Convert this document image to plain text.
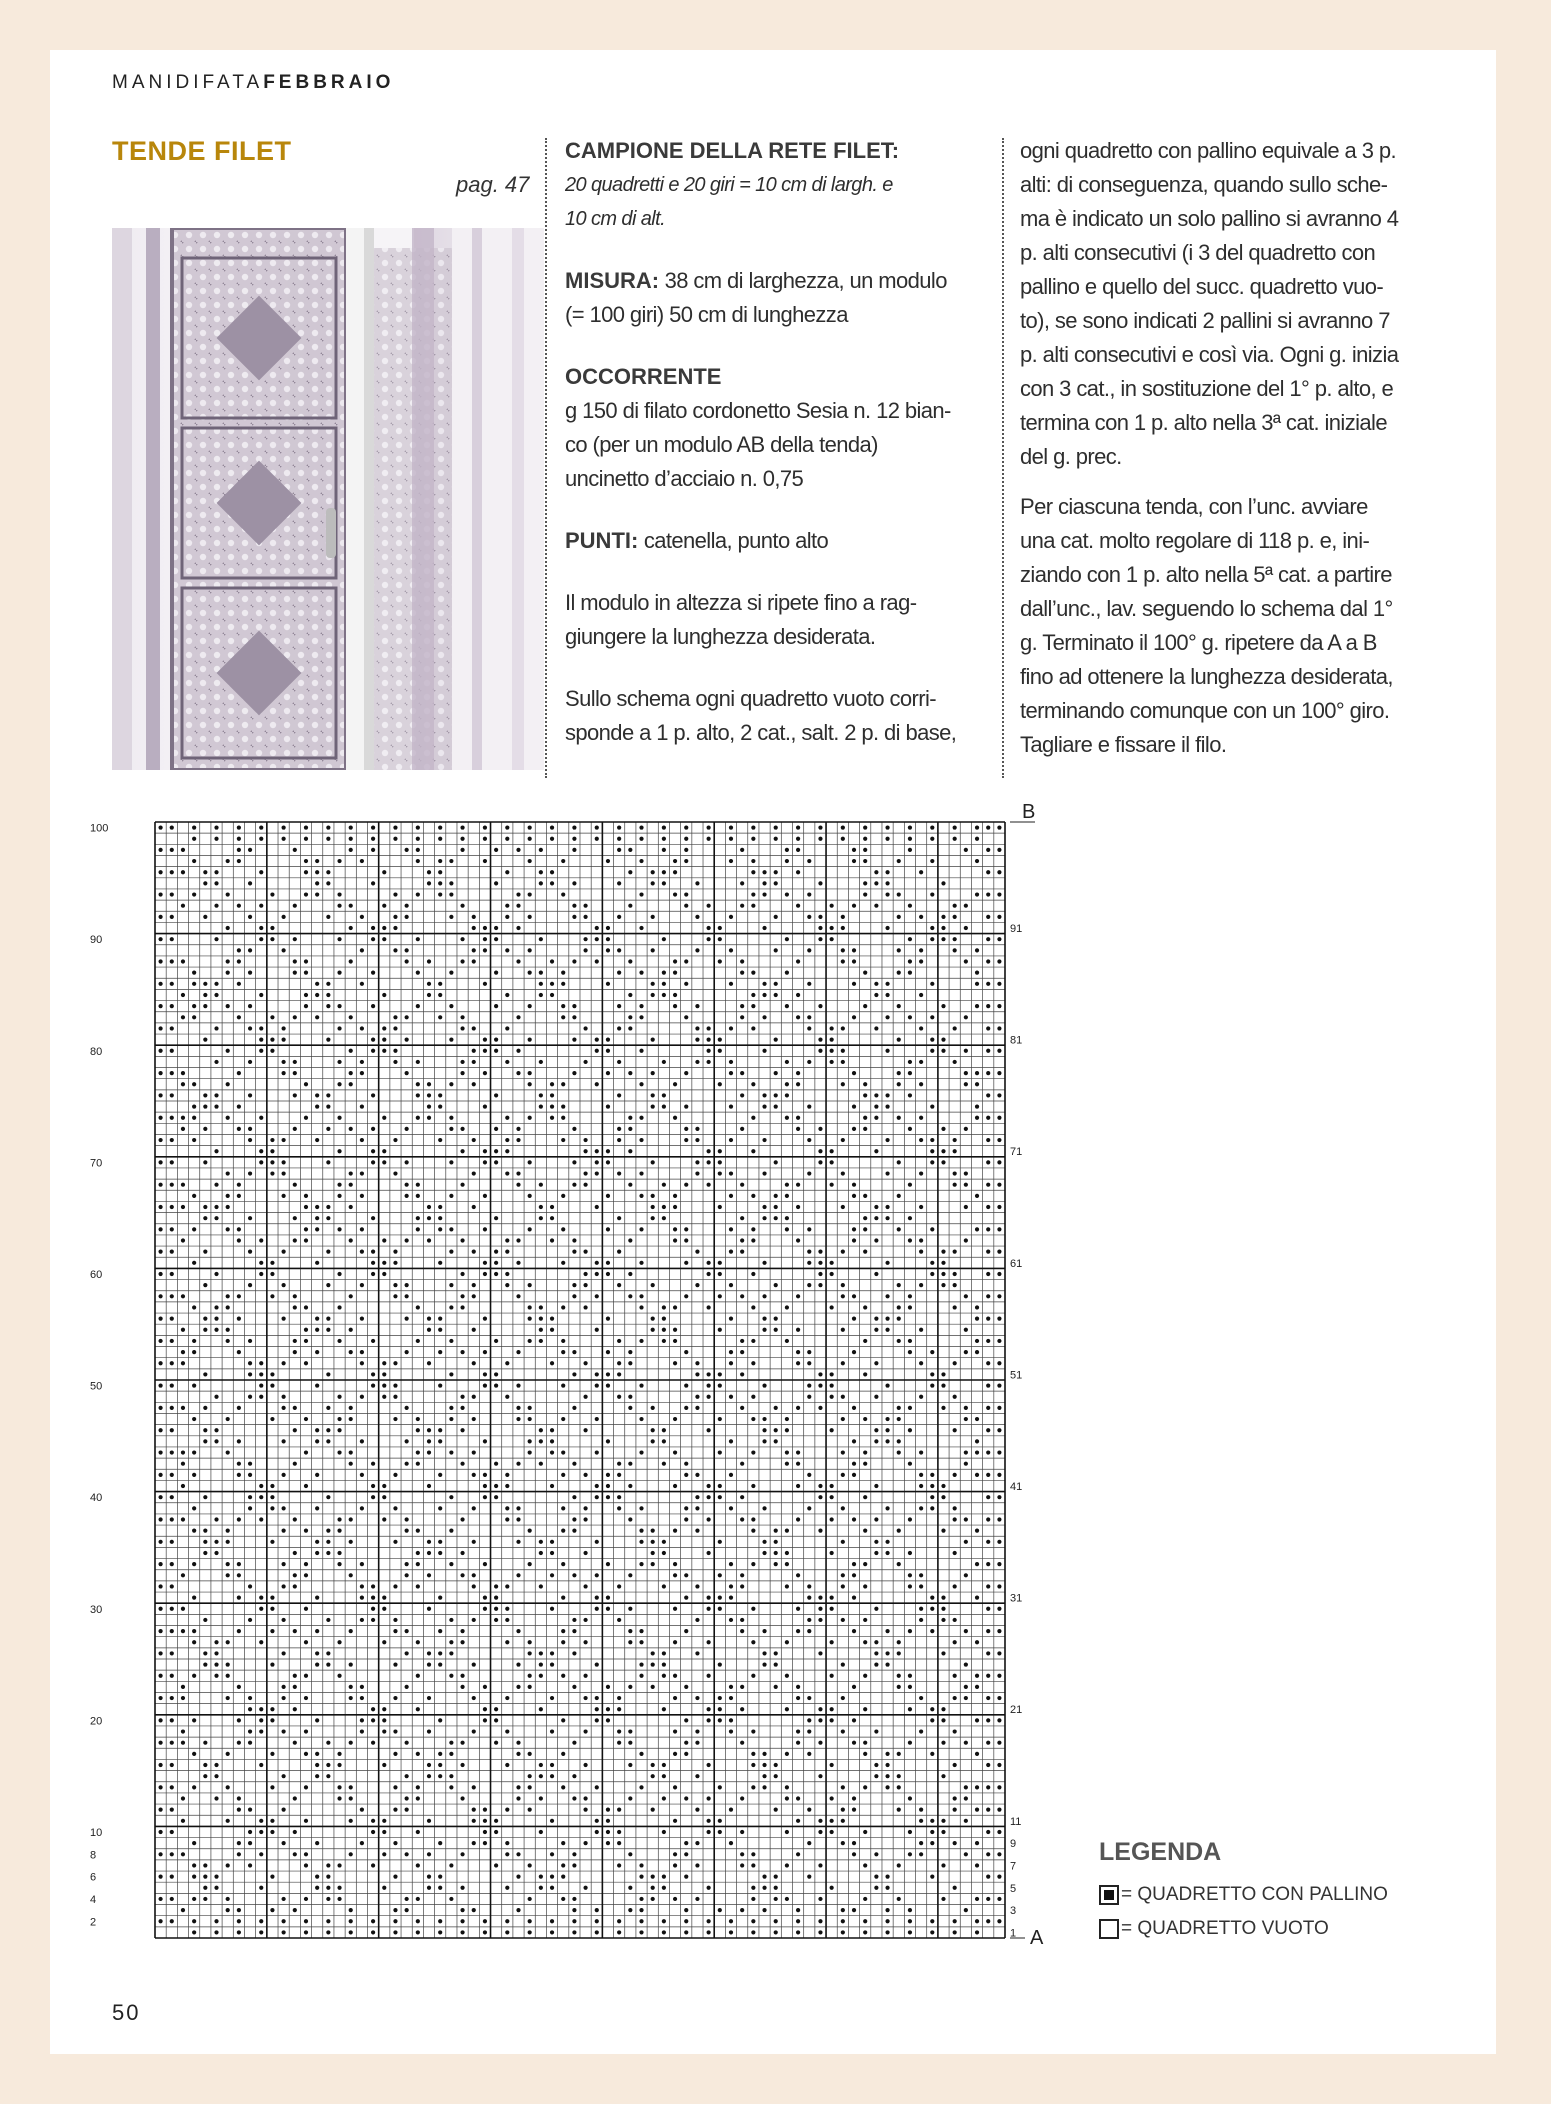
MANIDIFATAFEBBRAIO
TENDE FILET
pag. 47

CAMPIONE DELLA RETE FILET:

20 quadretti e 20 giri = 10 cm di largh. e

10 cm di alt.

MISURA: 38 cm di larghezza, un modulo

(= 100 giri) 50 cm di lunghezza

OCCORRENTE

g 150 di filato cordonetto Sesia n. 12 bian-

co (per un modulo AB della tenda)

uncinetto d’acciaio n. 0,75

PUNTI: catenella, punto alto

Il modulo in altezza si ripete fino a rag-

giungere la lunghezza desiderata.

Sullo schema ogni quadretto vuoto corri-

sponde a 1 p. alto, 2 cat., salt. 2 p. di base,

ogni quadretto con pallino equivale a 3 p.

alti: di conseguenza, quando sullo sche-

ma è indicato un solo pallino si avranno 4

p. alti consecutivi (i 3 del quadretto con

pallino e quello del succ. quadretto vuo-

to), se sono indicati 2 pallini si avranno 7

p. alti consecutivi e così via. Ogni g. inizia

con 3 cat., in sostituzione del 1° p. alto, e

termina con 1 p. alto nella 3ª cat. iniziale

del g. prec.

Per ciascuna tenda, con l’unc. avviare

una cat. molto regolare di 118 p. e, ini-

ziando con 1 p. alto nella 5ª cat. a partire

dall’unc., lav. seguendo lo schema dal 1°

g. Terminato il 100° g. ripetere da A a B

fino ad ottenere la lunghezza desiderata,

terminando comunque con un 100° giro.

Tagliare e fissare il filo.

100
90
80
70
60
50
40
30
20
10
8
6
4
2
91
81
71
61
51
41
31
21
11
9
7
5
3
1
B
A
LEGENDA
= QUADRETTO CON PALLINO
= QUADRETTO VUOTO
50
